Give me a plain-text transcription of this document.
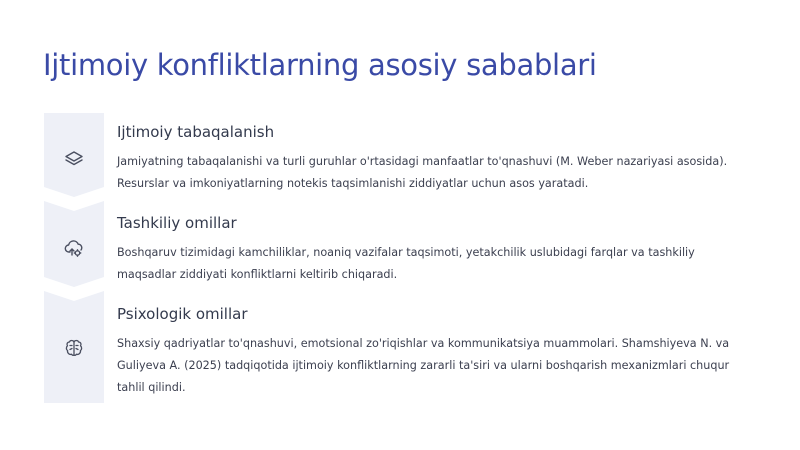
Ijtimoiy konfliktlarning asosiy sabablari
Ijtimoiy tabaqalanish

Jamiyatning tabaqalanishi va turli guruhlar o'rtasidagi manfaatlar to'qnashuvi (M. Weber nazariyasi asosida). Resurslar va imkoniyatlarning notekis taqsimlanishi ziddiyatlar uchun asos yaratadi.

Tashkiliy omillar

Boshqaruv tizimidagi kamchiliklar, noaniq vazifalar taqsimoti, yetakchilik uslubidagi farqlar va tashkiliy maqsadlar ziddiyati konfliktlarni keltirib chiqaradi.

Psixologik omillar

Shaxsiy qadriyatlar to'qnashuvi, emotsional zo'riqishlar va kommunikatsiya muammolari. Shamshiyeva N. va Guliyeva A. (2025) tadqiqotida ijtimoiy konfliktlarning zararli ta'siri va ularni boshqarish mexanizmlari chuqur tahlil qilindi.
